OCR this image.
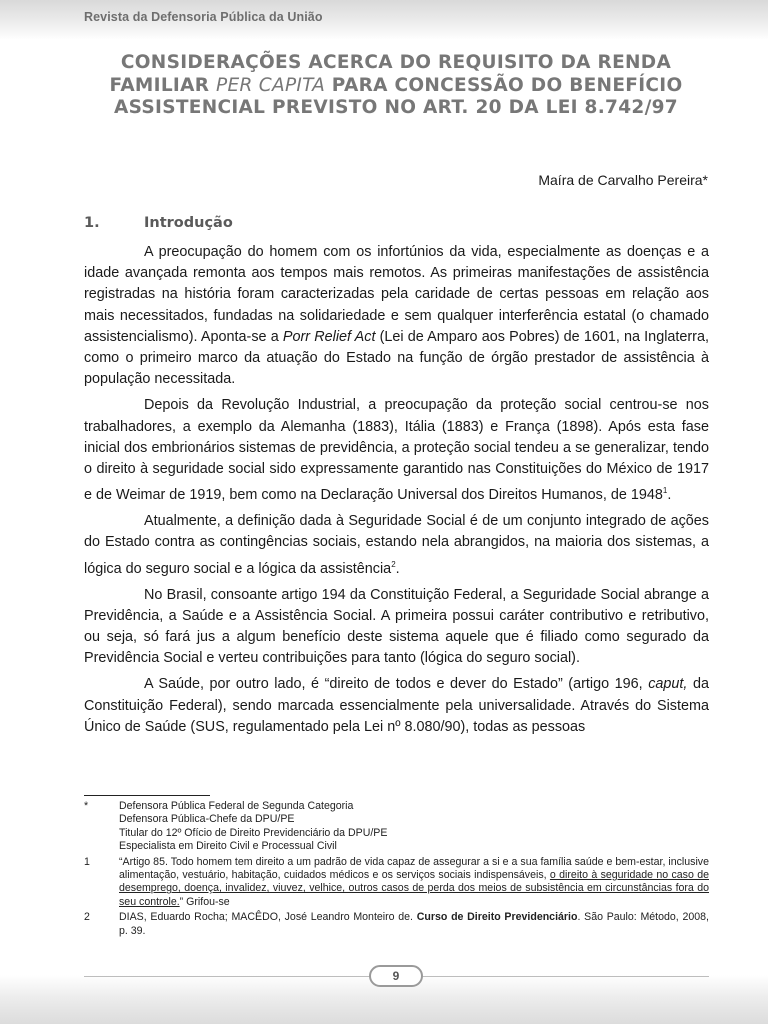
Revista da Defensoria Pública da União

CONSIDERAÇÕES ACERCA DO REQUISITO DA RENDA FAMILIAR PER CAPITA PARA CONCESSÃO DO BENEFÍCIO ASSISTENCIAL PREVISTO NO ART. 20 DA LEI 8.742/97

Maíra de Carvalho Pereira*

1.	Introdução

A preocupação do homem com os infortúnios da vida, especialmente as doenças e a idade avançada remonta aos tempos mais remotos. As primeiras manifestações de assistência registradas na história foram caracterizadas pela caridade de certas pessoas em relação aos mais necessitados, fundadas na solidariedade e sem qualquer interferência estatal (o chamado assistencialismo). Aponta-se a Porr Relief Act (Lei de Amparo aos Pobres) de 1601, na Inglaterra, como o primeiro marco da atuação do Estado na função de órgão prestador de assistência à população necessitada.

Depois da Revolução Industrial, a preocupação da proteção social centrou-se nos trabalhadores, a exemplo da Alemanha (1883), Itália (1883) e França (1898). Após esta fase inicial dos embrionários sistemas de previdência, a proteção social tendeu a se generalizar, tendo o direito à seguridade social sido expressamente garantido nas Constituições do México de 1917 e de Weimar de 1919, bem como na Declaração Universal dos Direitos Humanos, de 1948$^1$.

Atualmente, a definição dada à Seguridade Social é de um conjunto integrado de ações do Estado contra as contingências sociais, estando nela abrangidos, na maioria dos sistemas, a lógica do seguro social e a lógica da assistência$^2$.

No Brasil, consoante artigo 194 da Constituição Federal, a Seguridade Social abrange a Previdência, a Saúde e a Assistência Social. A primeira possui caráter contributivo e retributivo, ou seja, só fará jus a algum benefício deste sistema aquele que é filiado como segurado da Previdência Social e verteu contribuições para tanto (lógica do seguro social).

A Saúde, por outro lado, é “direito de todos e dever do Estado” (artigo 196, caput, da Constituição Federal), sendo marcada essencialmente pela universalidade. Através do Sistema Único de Saúde (SUS, regulamentado pela Lei nº 8.080/90), todas as pessoas

*	Defensora Pública Federal de Segunda Categoria
Defensora Pública-Chefe da DPU/PE
Titular do 12º Ofício de Direito Previdenciário da DPU/PE
Especialista em Direito Civil e Processual Civil
1	“Artigo 85. Todo homem tem direito a um padrão de vida capaz de assegurar a si e a sua família saúde e bem-estar, inclusive alimentação, vestuário, habitação, cuidados médicos e os serviços sociais indispensáveis, o direito à seguridade no caso de desemprego, doença, invalidez, viuvez, velhice, outros casos de perda dos meios de subsistência em circunstâncias fora do seu controle.” Grifou-se
2	DIAS, Eduardo Rocha; MACÊDO, José Leandro Monteiro de. Curso de Direito Previdenciário. São Paulo: Método, 2008, p. 39.
9
